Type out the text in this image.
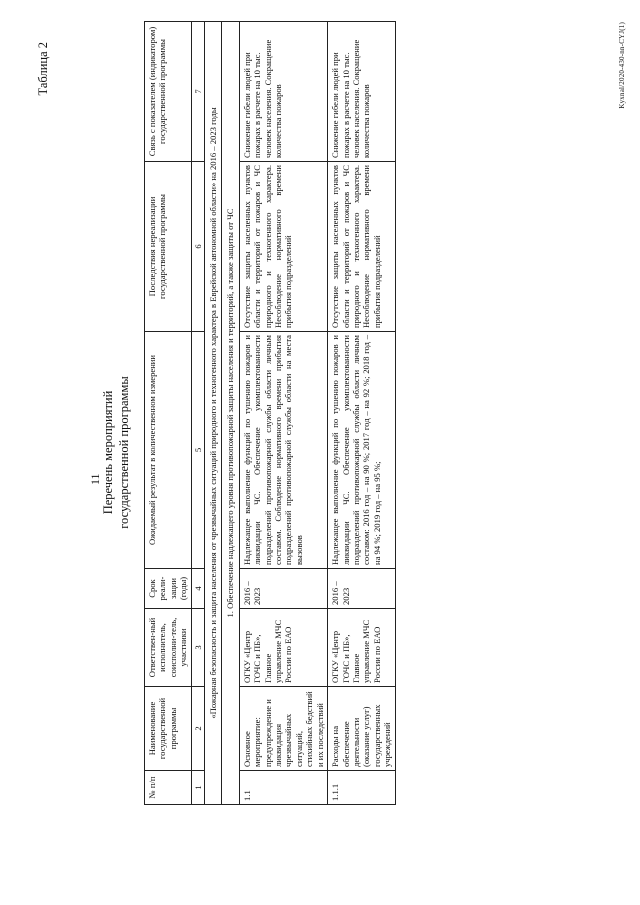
11
Таблица 2
Перечень мероприятий государственной программы
№ п/п	Наименование государственной программы	Ответствен-ный исполнитель, соисполни-тель, участники	Срок реали-зации (годы)	Ожидаемый результат в количественном измерении	Последствия нереализации государственной программы	Связь с показателем (индикатором) государственной программы
1	2	3	4	5	6	7
«Пожарная безопасность и защита населения от чрезвычайных ситуаций природного и техногенного характера в Еврейской автономной области» на 2016 – 2023 годы						
1. Обеспечение надлежащего уровня противопожарной защиты населения и территорий, а также защиты от ЧС						
1.1	Основное мероприятие: предупреждение и ликвидация чрезвычайных ситуаций, стихийных бедствий и их последствий	ОГКУ «Центр ГОЧС и ПБ», Главное управление МЧС России по ЕАО	2016 – 2023	Надлежащее выполнение функций по тушению пожаров и ликвидации ЧС. Обеспечение укомплектованности подразделений противопожарной службы области личным составом. Соблюдение нормативного времени прибытия подразделений противопожарной службы области на места вызовов	Отсутствие защиты населенных пунктов области и территорий от пожаров и ЧС природного и техногенного характера. Несоблюдение нормативного времени прибытия подразделений	Снижение гибели людей при пожарах в расчете на 10 тыс. человек населения. Сокращение количества пожаров
1.1.1	Расходы на обеспечение деятельности (оказание услуг) государственных учреждений	ОГКУ «Центр ГОЧС и ПБ», Главное управление МЧС России по ЕАО	2016 – 2023	Надлежащее выполнение функций по тушению пожаров и ликвидации ЧС. Обеспечение укомплектованности подразделений противопожарной службы области личным составом: 2016 год – на 90 %; 2017 год – на 92 %; 2018 год – на 94 %; 2019 год – на 95 %;	Отсутствие защиты населенных пунктов области и территорий от пожаров и ЧС природного и техногенного характера. Несоблюдение нормативного времени прибытия подразделений	Снижение гибели людей при пожарах в расчете на 10 тыс. человек населения. Сокращение количества пожаров
Kyxnal/2020-430-nn-CYJ(1)
